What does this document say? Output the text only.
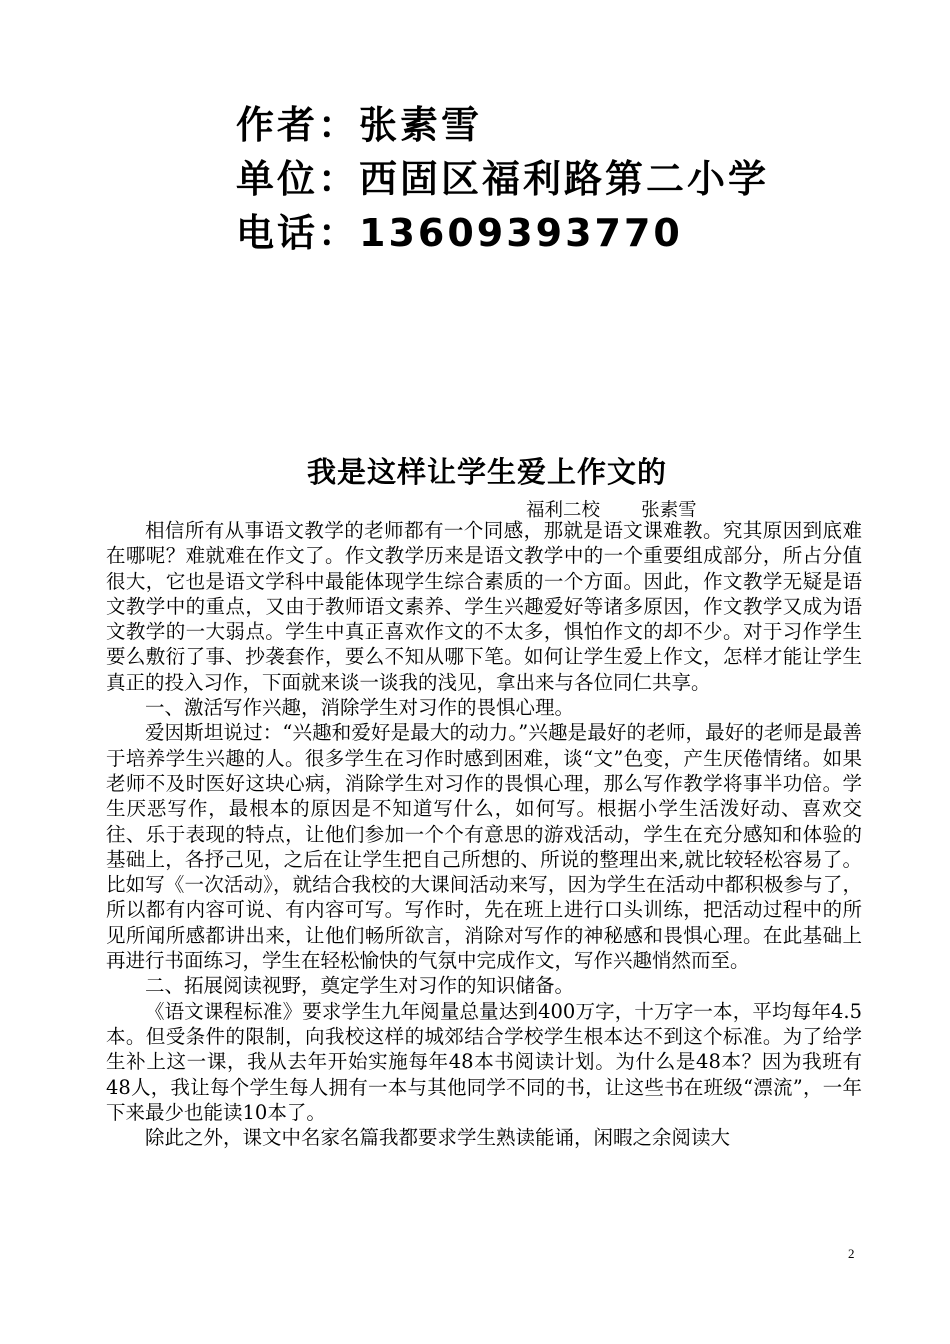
作者：张素雪
单位：西固区福利路第二小学
电话：13609393770
我是这样让学生爱上作文的
福利二校       张素雪

相信所有从事语文教学的老师都有一个同感，那就是语文课难教。究其原因到底难在哪呢？难就难在作文了。作文教学历来是语文教学中的一个重要组成部分，所占分值很大，它也是语文学科中最能体现学生综合素质的一个方面。因此，作文教学无疑是语文教学中的重点，又由于教师语文素养、学生兴趣爱好等诸多原因，作文教学又成为语文教学的一大弱点。学生中真正喜欢作文的不太多，惧怕作文的却不少。对于习作学生要么敷衍了事、抄袭套作，要么不知从哪下笔。如何让学生爱上作文，怎样才能让学生真正的投入习作，下面就来谈一谈我的浅见，拿出来与各位同仁共享。

一、激活写作兴趣，消除学生对习作的畏惧心理。

爱因斯坦说过：“兴趣和爱好是最大的动力。”兴趣是最好的老师，最好的老师是最善于培养学生兴趣的人。很多学生在习作时感到困难，谈“文”色变，产生厌倦情绪。如果老师不及时医好这块心病，消除学生对习作的畏惧心理，那么写作教学将事半功倍。学生厌恶写作，最根本的原因是不知道写什么，如何写。根据小学生活泼好动、喜欢交往、乐于表现的特点，让他们参加一个个有意思的游戏活动，学生在充分感知和体验的基础上，各抒己见，之后在让学生把自己所想的、所说的整理出来,就比较轻松容易了。比如写《一次活动》，就结合我校的大课间活动来写，因为学生在活动中都积极参与了，所以都有内容可说、有内容可写。写作时，先在班上进行口头训练，把活动过程中的所见所闻所感都讲出来，让他们畅所欲言，消除对写作的神秘感和畏惧心理。在此基础上再进行书面练习，学生在轻松愉快的气氛中完成作文，写作兴趣悄然而至。

二、拓展阅读视野，奠定学生对习作的知识储备。

《语文课程标准》要求学生九年阅量总量达到400万字，十万字一本，平均每年4.5本。但受条件的限制，向我校这样的城郊结合学校学生根本达不到这个标准。为了给学生补上这一课，我从去年开始实施每年48本书阅读计划。为什么是48本？因为我班有48人，我让每个学生每人拥有一本与其他同学不同的书，让这些书在班级“漂流”，一年下来最少也能读10本了。

除此之外，课文中名家名篇我都要求学生熟读能诵，闲暇之余阅读大

2
